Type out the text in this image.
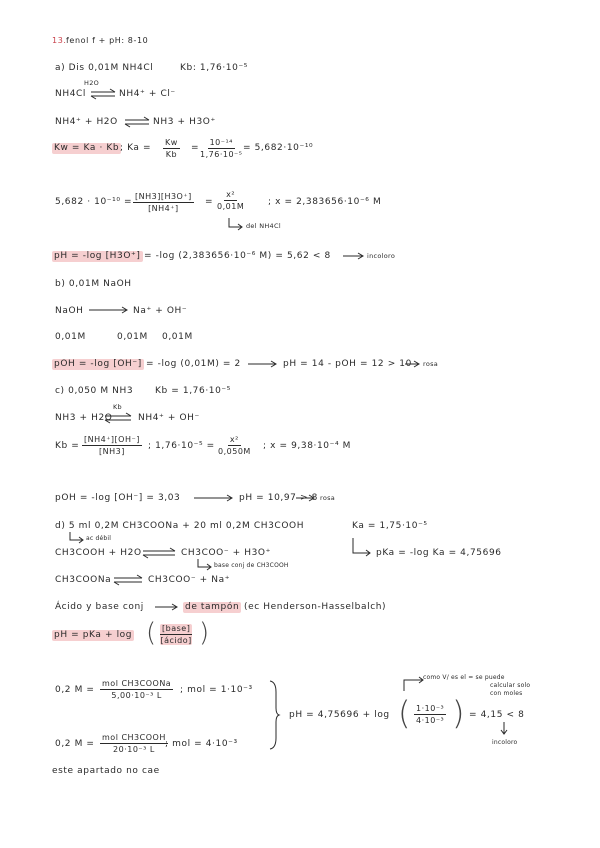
13. fenol f + pH: 8-10
a) Dis 0,01M NH4Cl	Kb: 1,76·10⁻⁵
H2O
NH4Cl ⇌ NH4⁺ + Cl⁻
NH4⁺ + H2O ⇌ NH3 + H3O⁺
Kw = Ka · Kb ; $Ka = \frac{Kw}{Kb} = \frac{\text{10⁻¹⁴}}{\text{1,76·10⁻⁵}} = 5,682\cdot 10^{-10}$
$5,682 \cdot 10^{-10} = \frac{[NH3][H3O^+]}{[NH4^+]} = \frac{\text{x²}}{0,01M}$	; x = 2,383656·10⁻⁶ M
del NH4Cl
pH = -log [H3O⁺] = -log (2,383656·10⁻⁶ M) = 5,62 < 8	incoloro
b) 0,01M NaOH
NaOH	Na⁺ + OH⁻
0,01M	0,01M 0,01M
pOH = -log [OH⁻] = -log (0,01M) = 2	pH = 14 - pOH = 12 > 10 rosa
c) 0,050 M NH3 Kb = 1,76·10⁻⁵
Kb
NH3 + H2O ⇌ NH4⁺ + OH⁻
$Kb = \frac{[NH4^+][OH^-]}{[NH3]}$ ; $1,76\cdot 10^{-5} = \frac{\text{x²}}{0,050M}$ ; x = 9,38·10⁻⁴ M
pOH = -log [OH⁻] = 3,03	pH = 10,97 > 8 rosa
d) 5 ml 0,2M CH3COONa + 20 ml 0,2M CH3COOH	Ka = 1,75·10⁻⁵
ac débil
CH3COOH + H2O ⇌ CH3COO⁻ + H3O⁺
base conj de CH3COOH
pKa = -log Ka = 4,75696
CH3COONa ⇌ CH3COO⁻ + Na⁺
Ácido y base conj	de tampón (ec Henderson-Hasselbalch)
pH = pKa + log ( [base]
[ácido] )
0,2 M =
mol CH3COONa
5,00·10⁻³ L
; mol = 1·10⁻³
0,2 M =
mol CH3COOH
20·10⁻³ L
; mol = 4·10⁻³
como V/ es el = se puede
calcular solo
con moles
pH = 4,75696 + log ( $\frac{\text{1·10⁻³}}{\text{4·10⁻³}}$ ) = 4,15 < 8
incoloro
este apartado no cae
